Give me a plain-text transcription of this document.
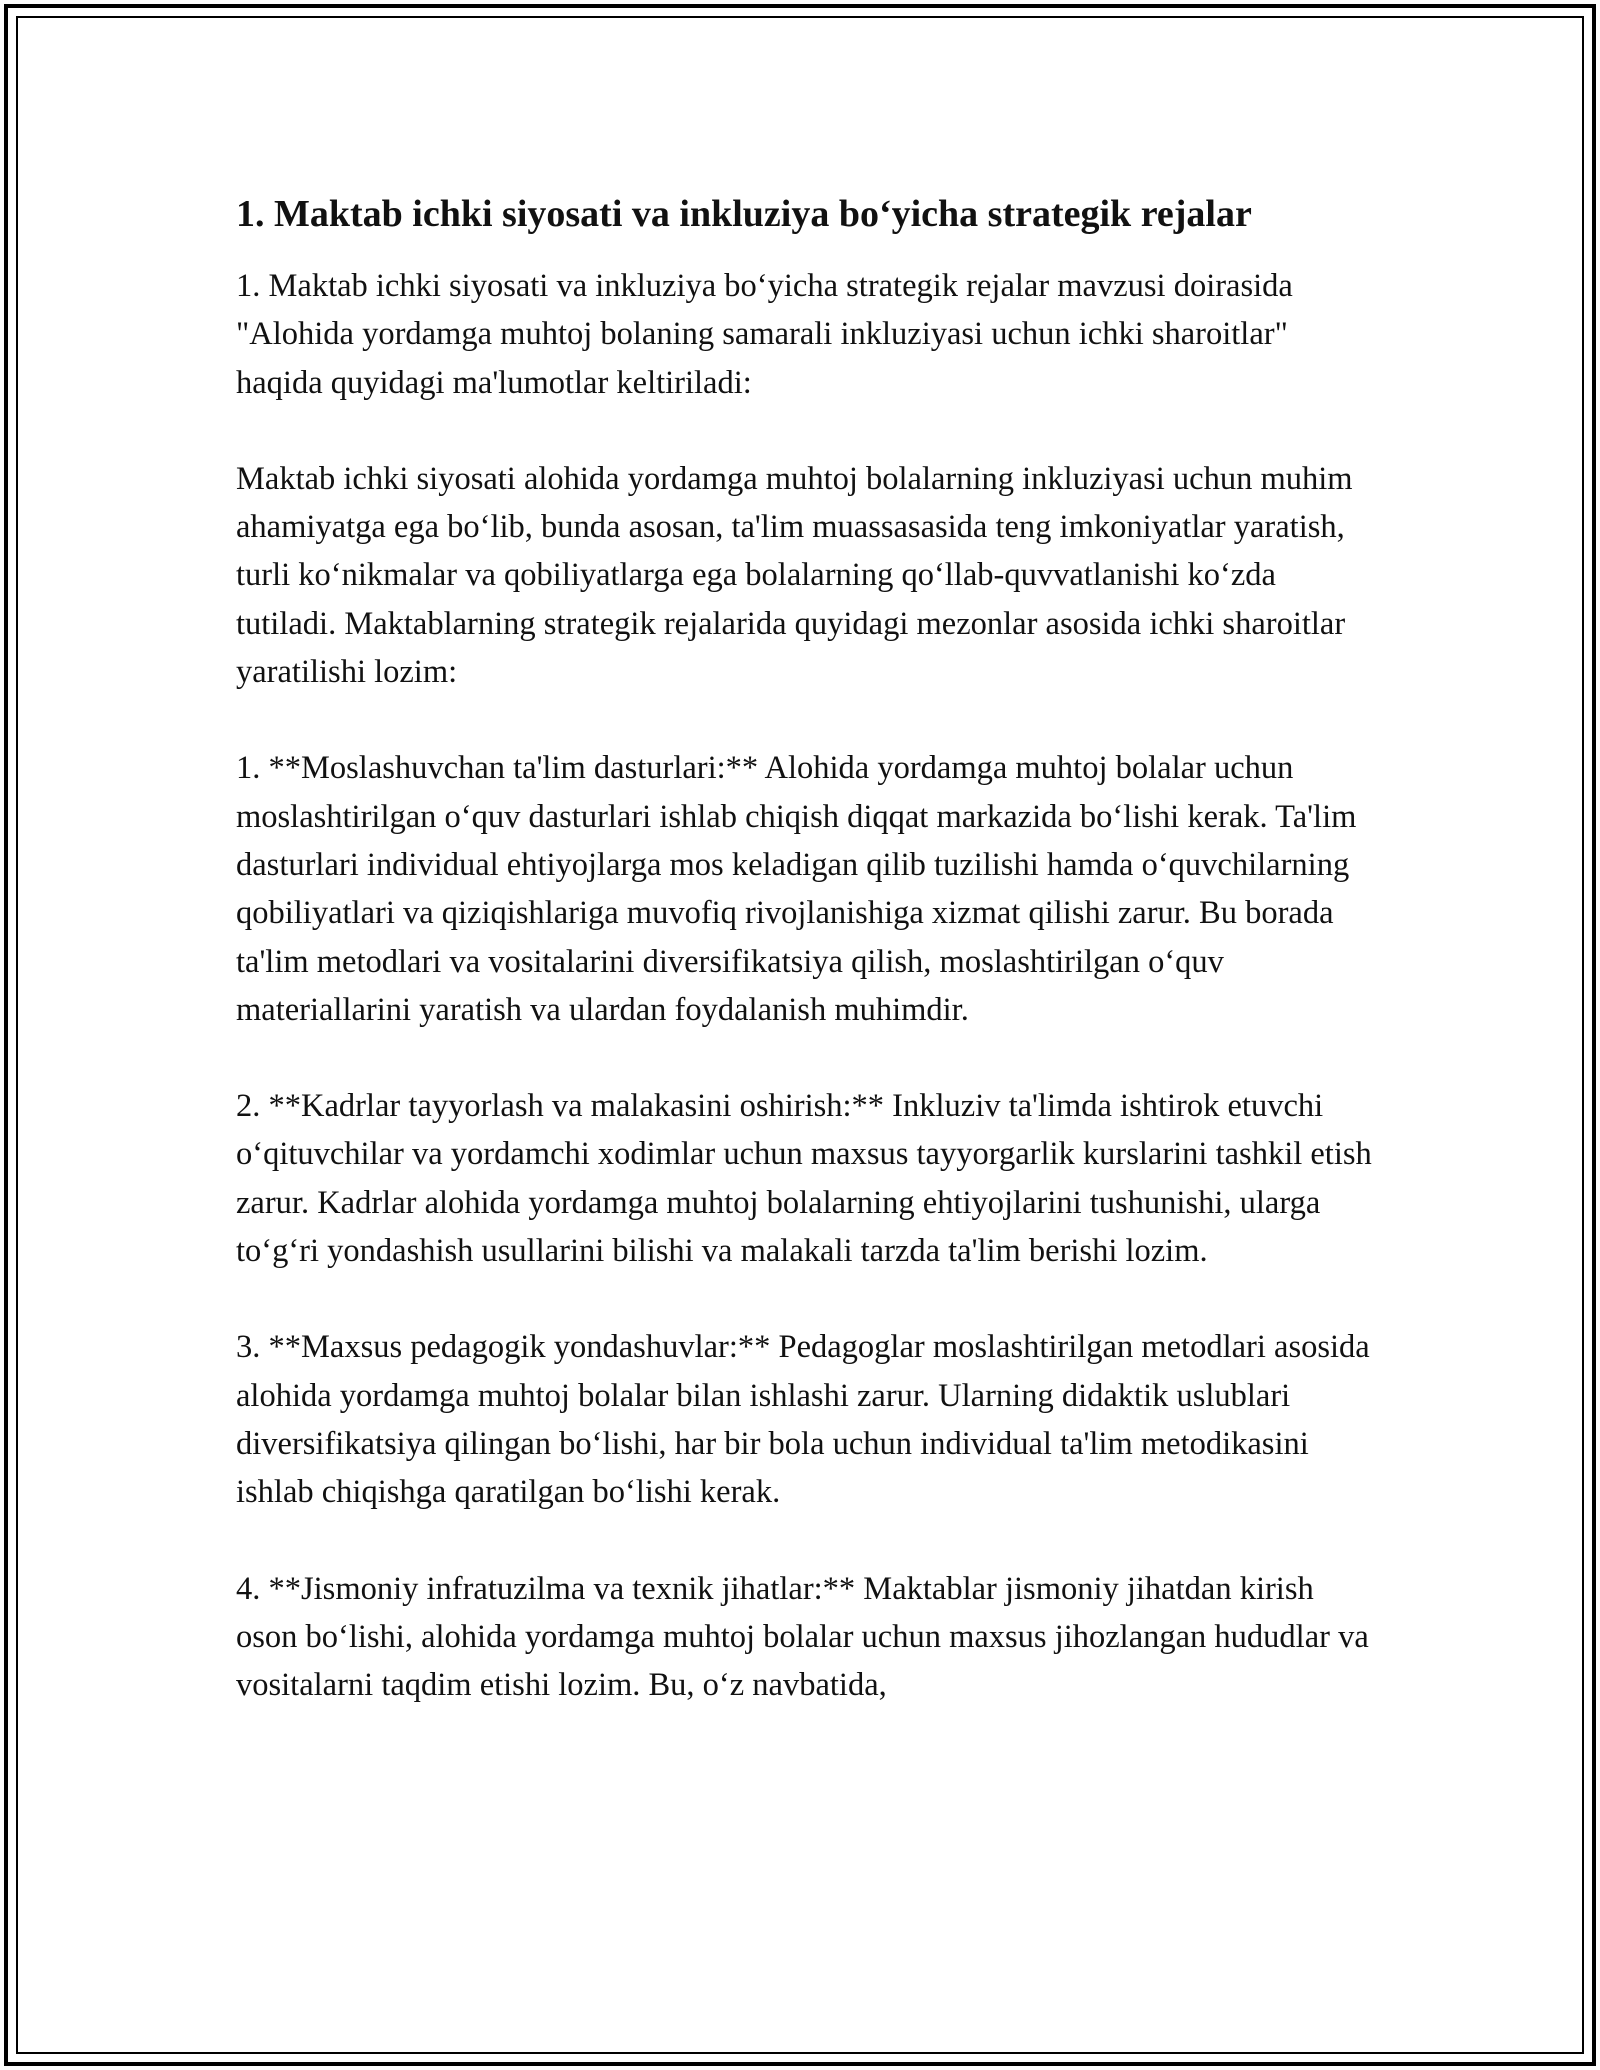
1. Maktab ichki siyosati va inkluziya bo‘yicha strategik rejalar

1. Maktab ichki siyosati va inkluziya bo‘yicha strategik rejalar mavzusi doirasida "Alohida yordamga muhtoj bolaning samarali inkluziyasi uchun ichki sharoitlar" haqida quyidagi ma'lumotlar keltiriladi:

Maktab ichki siyosati alohida yordamga muhtoj bolalarning inkluziyasi uchun muhim ahamiyatga ega bo‘lib, bunda asosan, ta'lim muassasasida teng imkoniyatlar yaratish, turli ko‘nikmalar va qobiliyatlarga ega bolalarning qo‘llab-quvvatlanishi ko‘zda tutiladi. Maktablarning strategik rejalarida quyidagi mezonlar asosida ichki sharoitlar yaratilishi lozim:

1. **Moslashuvchan ta'lim dasturlari:** Alohida yordamga muhtoj bolalar uchun moslashtirilgan o‘quv dasturlari ishlab chiqish diqqat markazida bo‘lishi kerak. Ta'lim dasturlari individual ehtiyojlarga mos keladigan qilib tuzilishi hamda o‘quvchilarning qobiliyatlari va qiziqishlariga muvofiq rivojlanishiga xizmat qilishi zarur. Bu borada ta'lim metodlari va vositalarini diversifikatsiya qilish, moslashtirilgan o‘quv materiallarini yaratish va ulardan foydalanish muhimdir.

2. **Kadrlar tayyorlash va malakasini oshirish:** Inkluziv ta'limda ishtirok etuvchi o‘qituvchilar va yordamchi xodimlar uchun maxsus tayyorgarlik kurslarini tashkil etish zarur. Kadrlar alohida yordamga muhtoj bolalarning ehtiyojlarini tushunishi, ularga to‘g‘ri yondashish usullarini bilishi va malakali tarzda ta'lim berishi lozim.

3. **Maxsus pedagogik yondashuvlar:** Pedagoglar moslashtirilgan metodlari asosida alohida yordamga muhtoj bolalar bilan ishlashi zarur. Ularning didaktik uslublari diversifikatsiya qilingan bo‘lishi, har bir bola uchun individual ta'lim metodikasini ishlab chiqishga qaratilgan bo‘lishi kerak.

4. **Jismoniy infratuzilma va texnik jihatlar:** Maktablar jismoniy jihatdan kirish oson bo‘lishi, alohida yordamga muhtoj bolalar uchun maxsus jihozlangan hududlar va vositalarni taqdim etishi lozim. Bu, o‘z navbatida,
